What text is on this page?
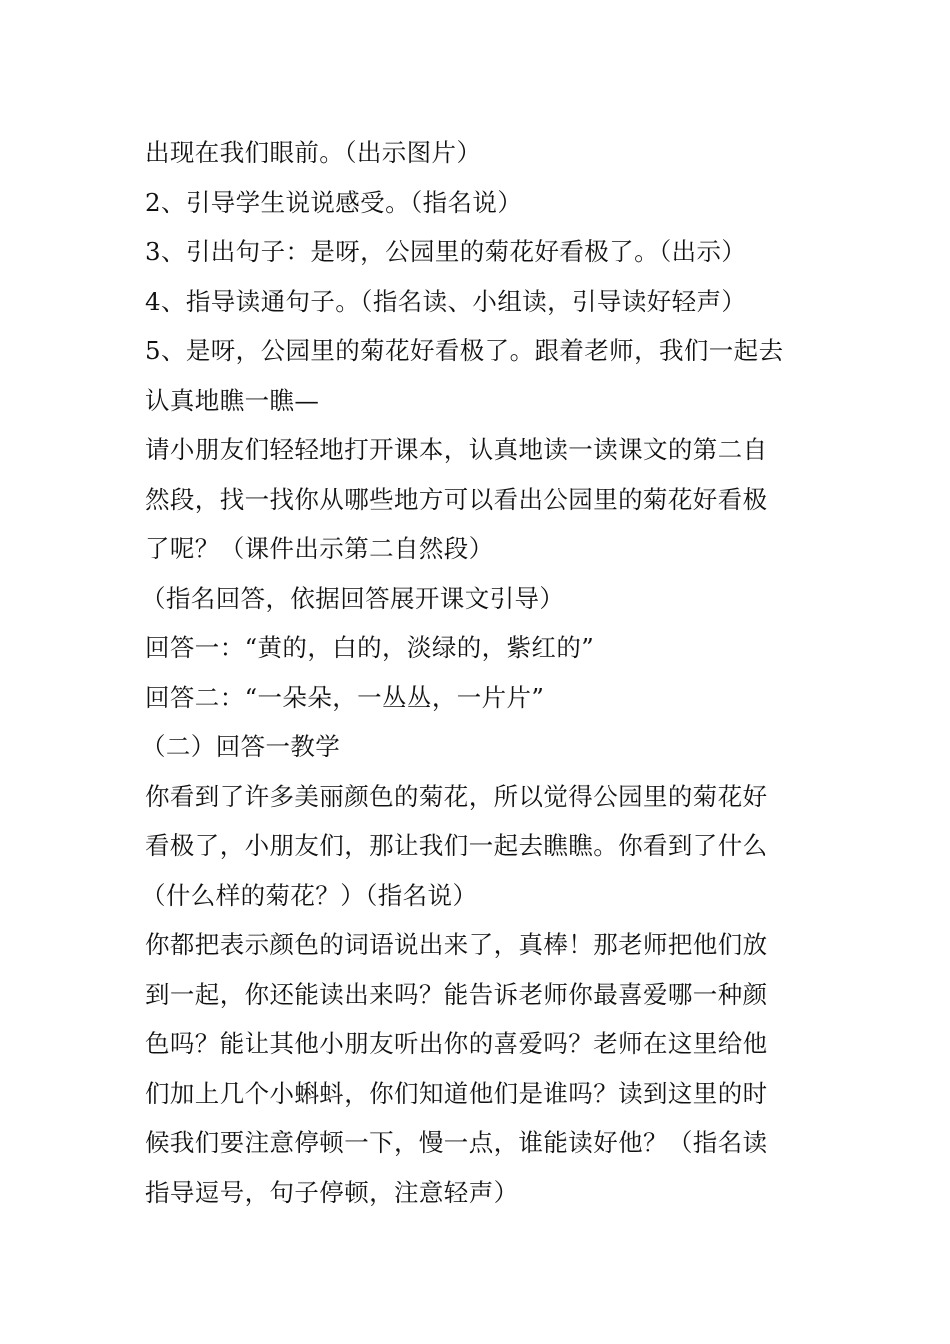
出现在我们眼前。（出示图片）
2、引导学生说说感受。（指名说）
3、引出句子：是呀，公园里的菊花好看极了。（出示）
4、指导读通句子。（指名读、小组读，引导读好轻声）
5、是呀，公园里的菊花好看极了。跟着老师，我们一起去
认真地瞧一瞧—
请小朋友们轻轻地打开课本，认真地读一读课文的第二自
然段，找一找你从哪些地方可以看出公园里的菊花好看极
了呢？（课件出示第二自然段）
（指名回答，依据回答展开课文引导）
回答一：“黄的，白的，淡绿的，紫红的”
回答二：“一朵朵，一丛丛，一片片”
（二）回答一教学
你看到了许多美丽颜色的菊花，所以觉得公园里的菊花好
看极了，小朋友们，那让我们一起去瞧瞧。你看到了什么
（什么样的菊花？）（指名说）
你都把表示颜色的词语说出来了，真棒！那老师把他们放
到一起，你还能读出来吗？能告诉老师你最喜爱哪一种颜
色吗？能让其他小朋友听出你的喜爱吗？老师在这里给他
们加上几个小蝌蚪，你们知道他们是谁吗？读到这里的时
候我们要注意停顿一下，慢一点，谁能读好他？（指名读
指导逗号，句子停顿，注意轻声）
